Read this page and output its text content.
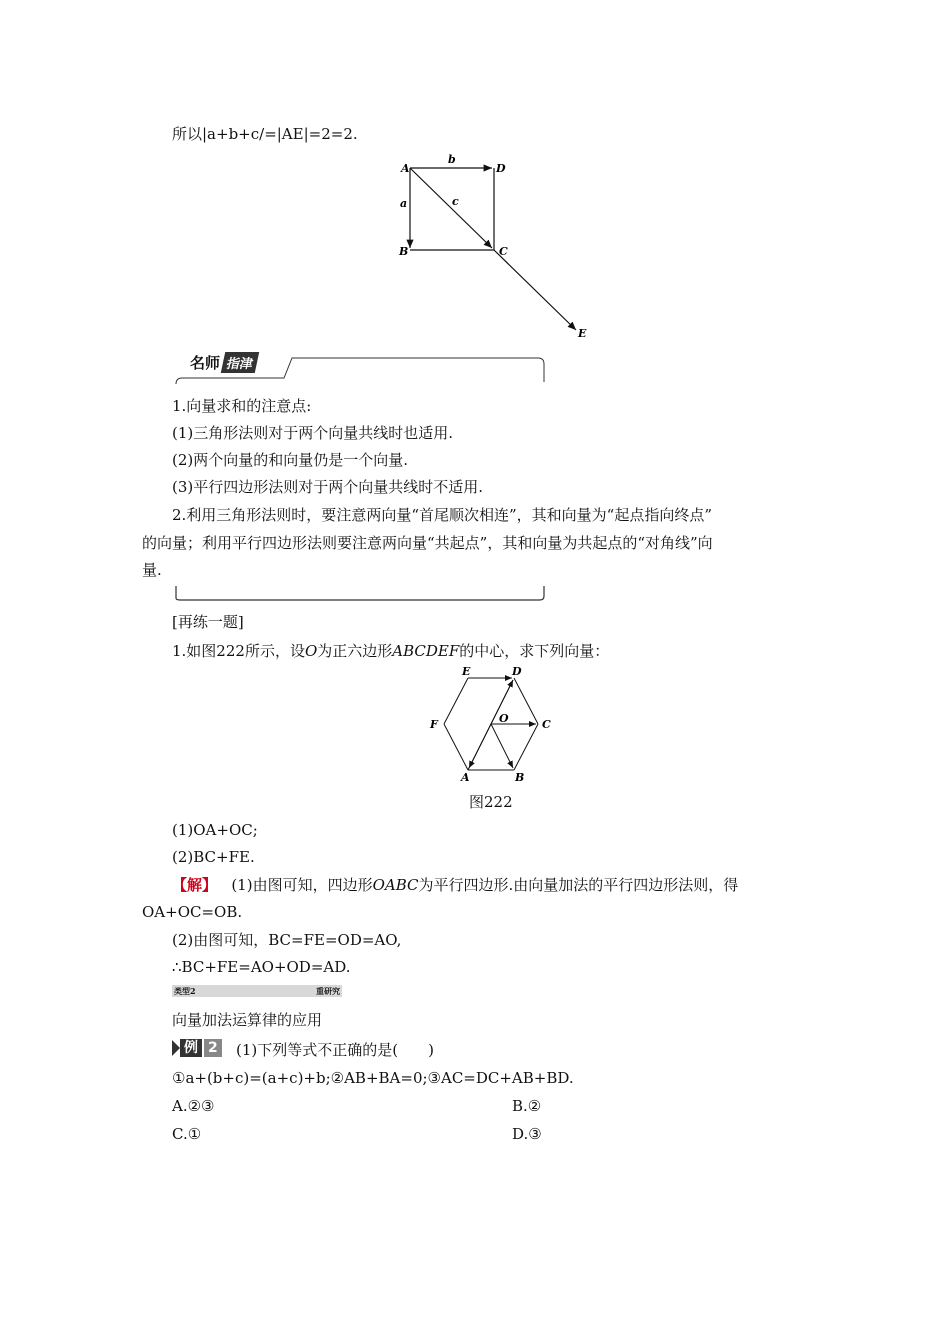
所以|a+b+c/=|AE|=2=2.
A	D
B	C
E
a
b
c
名师 指津
1.向量求和的注意点:
(1)三角形法则对于两个向量共线时也适用.
(2)两个向量的和向量仍是一个向量.
(3)平行四边形法则对于两个向量共线时不适用.
2.利用三角形法则时，要注意两向量“首尾顺次相连”，其和向量为“起点指向终点”
的向量；利用平行四边形法则要注意两向量“共起点”，其和向量为共起点的“对角线”向
量.
[再练一题]
1.如图222所示，设O为正六边形ABCDEF的中心，求下列向量：
E	D
C
B
A
F	O
图222
(1)OA+OC;
(2)BC+FE.
【解】 (1)由图可知，四边形OABC为平行四边形.由向量加法的平行四边形法则，得
OA+OC=OB.
(2)由图可知，BC=FE=OD=AO,
∴BC+FE=AO+OD=AD.
类型2	重研究
向量加法运算律的应用
例 2 (1)下列等式不正确的是(　　)
①a+(b+c)=(a+c)+b;②AB+BA=0;③AC=DC+AB+BD.
A.②③	B.②
C.①	D.③
